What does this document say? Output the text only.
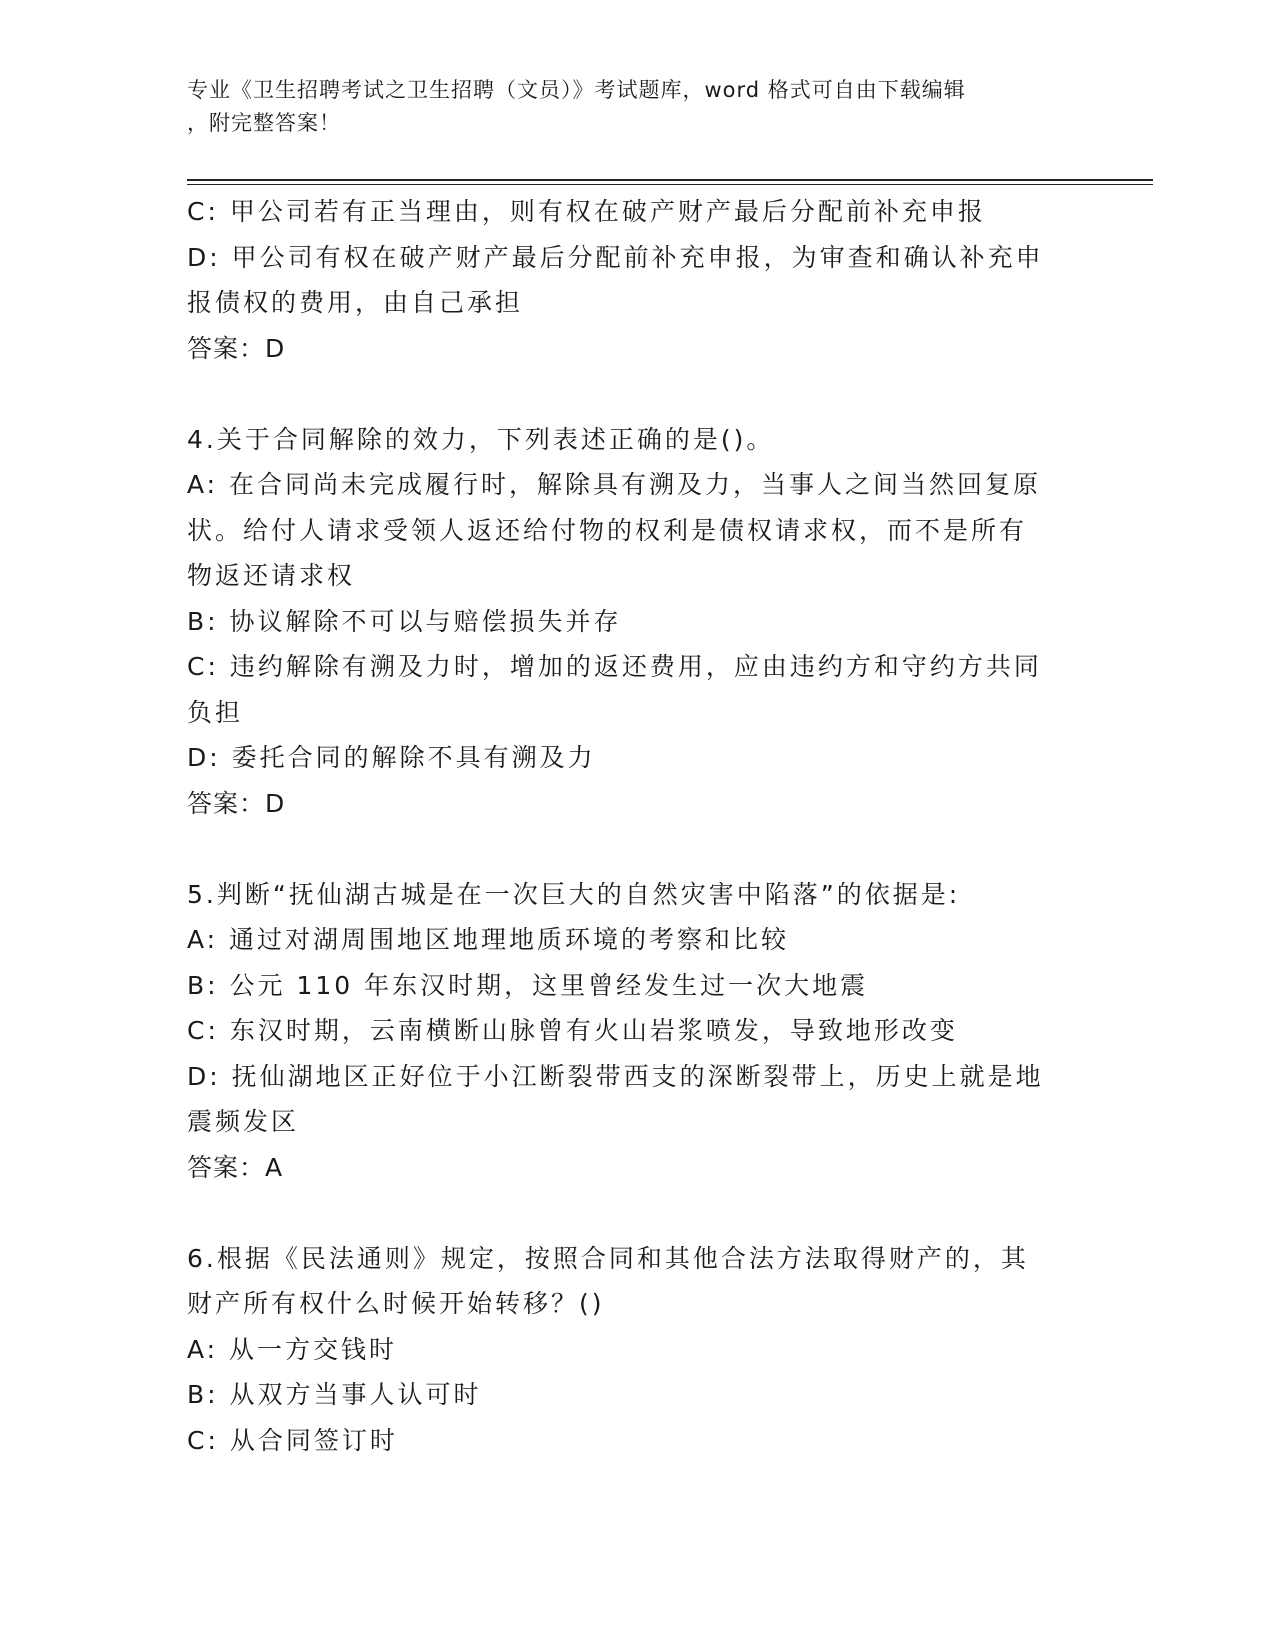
专业《卫生招聘考试之卫生招聘（文员）》考试题库，word 格式可自由下载编辑
，附完整答案！
C: 甲公司若有正当理由，则有权在破产财产最后分配前补充申报
D: 甲公司有权在破产财产最后分配前补充申报，为审查和确认补充申
报债权的费用，由自己承担
答案：D
4.关于合同解除的效力，下列表述正确的是()。
A: 在合同尚未完成履行时，解除具有溯及力，当事人之间当然回复原
状。给付人请求受领人返还给付物的权利是债权请求权，而不是所有
物返还请求权
B: 协议解除不可以与赔偿损失并存
C: 违约解除有溯及力时，增加的返还费用，应由违约方和守约方共同
负担
D: 委托合同的解除不具有溯及力
答案：D
5.判断“抚仙湖古城是在一次巨大的自然灾害中陷落”的依据是:
A: 通过对湖周围地区地理地质环境的考察和比较
B: 公元 110 年东汉时期，这里曾经发生过一次大地震
C: 东汉时期，云南横断山脉曾有火山岩浆喷发，导致地形改变
D: 抚仙湖地区正好位于小江断裂带西支的深断裂带上，历史上就是地
震频发区
答案：A
6.根据《民法通则》规定，按照合同和其他合法方法取得财产的，其
财产所有权什么时候开始转移？()
A: 从一方交钱时
B: 从双方当事人认可时
C: 从合同签订时
